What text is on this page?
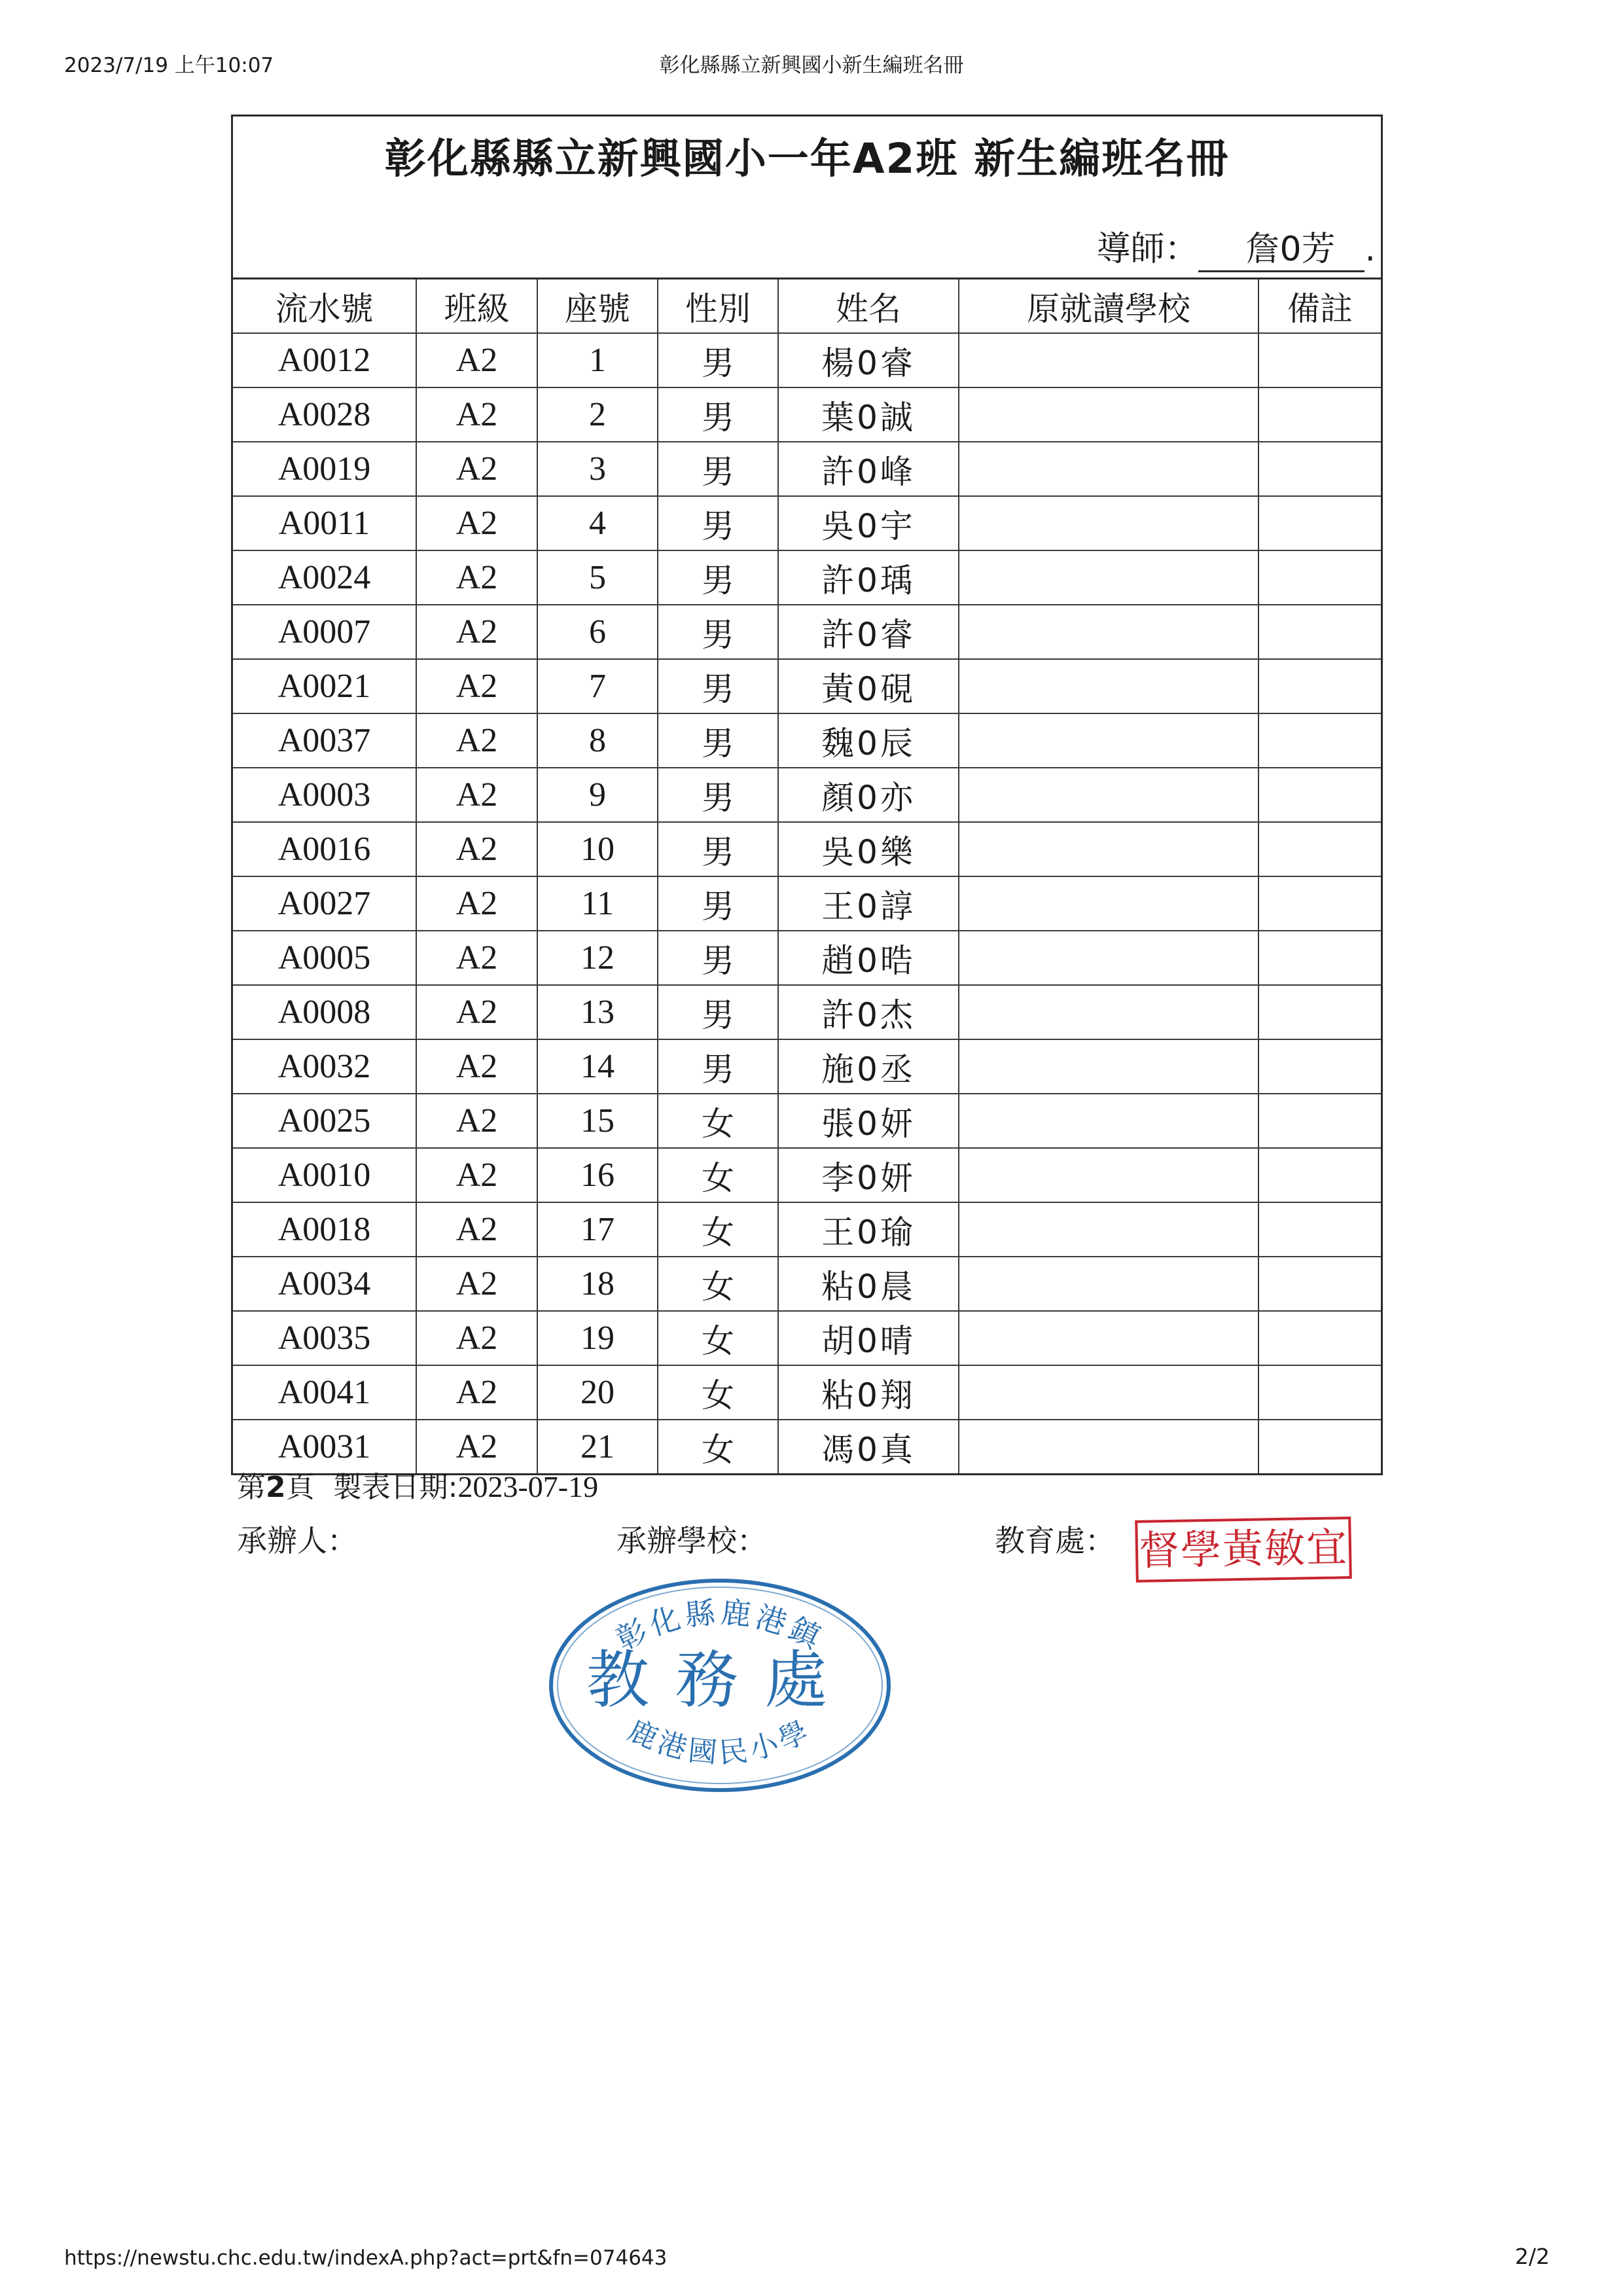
2023/7/19 上午10:07	彰化縣縣立新興國小新生編班名冊
彰化縣縣立新興國小一年A2班 新生編班名冊
導師： 詹0芳 .
流水號	班級	座號	性別	姓名	原就讀學校	備註
A0012	A2	1	男	楊0睿		
A0028	A2	2	男	葉0誠		
A0019	A2	3	男	許0峰		
A0011	A2	4	男	吳0宇		
A0024	A2	5	男	許0瑀		
A0007	A2	6	男	許0睿		
A0021	A2	7	男	黃0硯		
A0037	A2	8	男	魏0辰		
A0003	A2	9	男	顏0亦		
A0016	A2	10	男	吳0樂		
A0027	A2	11	男	王0諄		
A0005	A2	12	男	趙0晧		
A0008	A2	13	男	許0杰		
A0032	A2	14	男	施0丞		
A0025	A2	15	女	張0妍		
A0010	A2	16	女	李0妍		
A0018	A2	17	女	王0瑜		
A0034	A2	18	女	粘0晨		
A0035	A2	19	女	胡0晴		
A0041	A2	20	女	粘0翔		
A0031	A2	21	女	馮0真		
第2頁 製表日期:2023-07-19
承辦人：	承辦學校：	教育處： 督學黃敏宜
彰化縣鹿港鎮
教務處
鹿港國民小學
https://newstu.chc.edu.tw/indexA.php?act=prt&fn=074643	2/2
